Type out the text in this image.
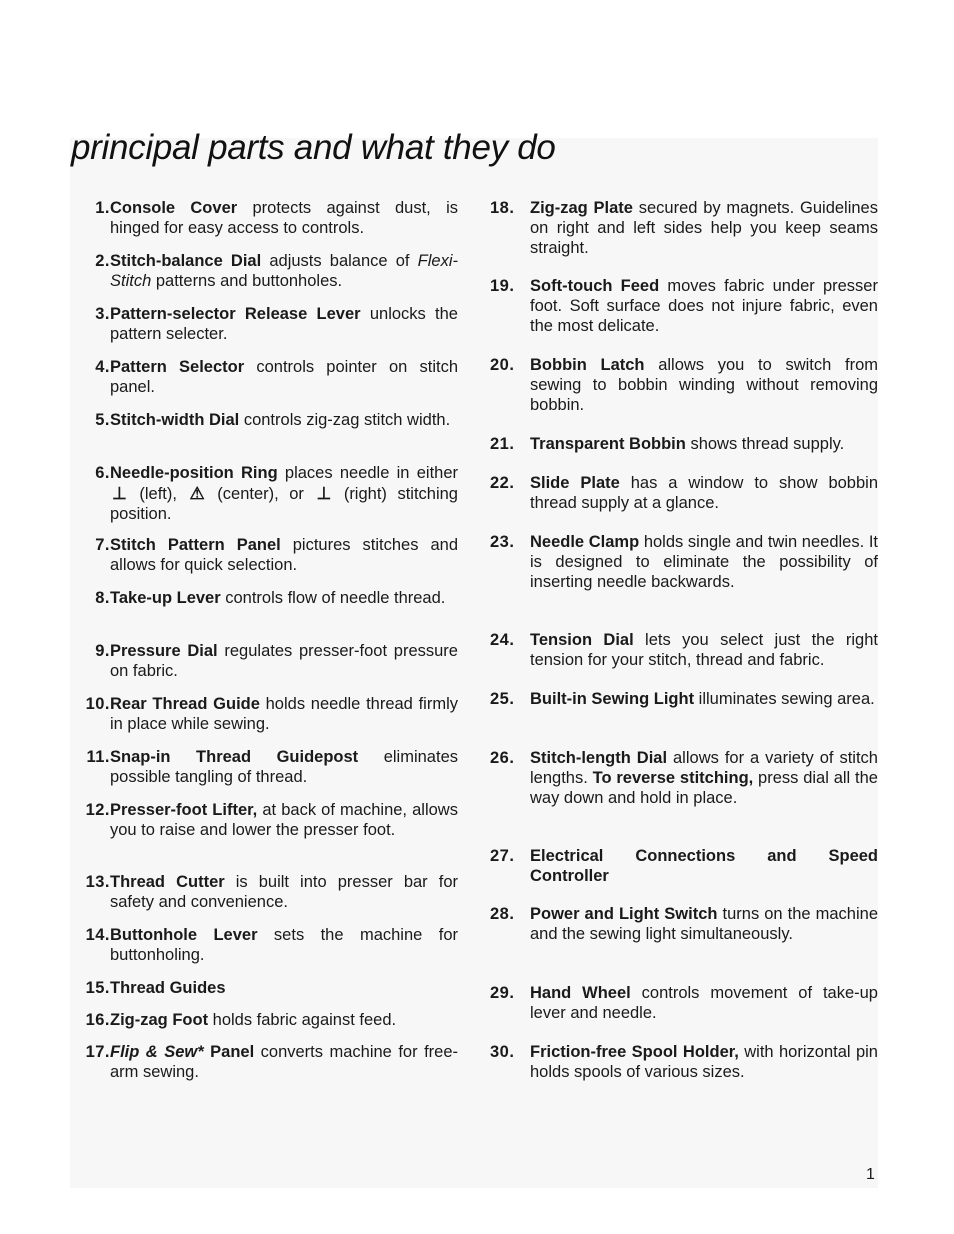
principal parts and what they do
1. Console Cover protects against dust, is hinged for easy access to controls.
2. Stitch-balance Dial adjusts balance of Flexi-Stitch patterns and buttonholes.
3. Pattern-selector Release Lever unlocks the pattern selecter.
4. Pattern Selector controls pointer on stitch panel.
5. Stitch-width Dial controls zig-zag stitch width.
6. Needle-position Ring places needle in either ⊥ (left), ⚠ (center), or ⊥ (right) stitching position.
7. Stitch Pattern Panel pictures stitches and allows for quick selection.
8. Take-up Lever controls flow of needle thread.
9. Pressure Dial regulates presser-foot pressure on fabric.
10. Rear Thread Guide holds needle thread firmly in place while sewing.
11. Snap-in Thread Guidepost eliminates possible tangling of thread.
12. Presser-foot Lifter, at back of machine, allows you to raise and lower the presser foot.
13. Thread Cutter is built into presser bar for safety and convenience.
14. Buttonhole Lever sets the machine for buttonholing.
15. Thread Guides
16. Zig-zag Foot holds fabric against feed.
17. Flip & Sew* Panel converts machine for free-arm sewing.
18. Zig-zag Plate secured by magnets. Guidelines on right and left sides help you keep seams straight.
19. Soft-touch Feed moves fabric under presser foot. Soft surface does not injure fabric, even the most delicate.
20. Bobbin Latch allows you to switch from sewing to bobbin winding without removing bobbin.
21. Transparent Bobbin shows thread supply.
22. Slide Plate has a window to show bobbin thread supply at a glance.
23. Needle Clamp holds single and twin needles. It is designed to eliminate the possibility of inserting needle backwards.
24. Tension Dial lets you select just the right tension for your stitch, thread and fabric.
25. Built-in Sewing Light illuminates sewing area.
26. Stitch-length Dial allows for a variety of stitch lengths. To reverse stitching, press dial all the way down and hold in place.
27. Electrical Connections and Speed Controller
28. Power and Light Switch turns on the machine and the sewing light simultaneously.
29. Hand Wheel controls movement of take-up lever and needle.
30. Friction-free Spool Holder, with horizontal pin holds spools of various sizes.
1
